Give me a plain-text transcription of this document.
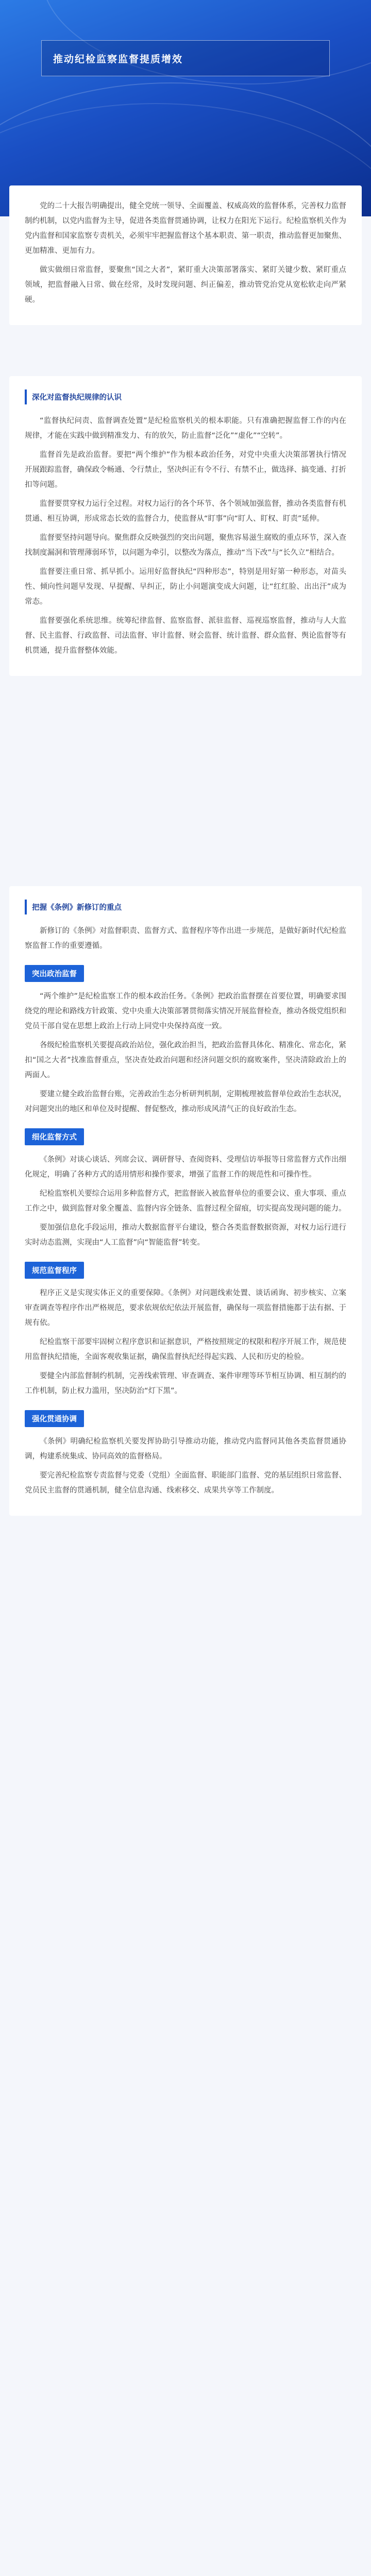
推动纪检监察监督提质增效

党的二十大报告明确提出，健全党统一领导、全面覆盖、权威高效的监督体系，完善权力监督制约机制，以党内监督为主导，促进各类监督贯通协调，让权力在阳光下运行。纪检监察机关作为党内监督和国家监察专责机关，必须牢牢把握监督这个基本职责、第一职责，推动监督更加聚焦、更加精准、更加有力。

做实做细日常监督，要聚焦“国之大者”，紧盯重大决策部署落实、紧盯关键少数、紧盯重点领域，把监督融入日常、做在经常，及时发现问题、纠正偏差，推动管党治党从宽松软走向严紧硬。

深化对监督执纪规律的认识

“监督执纪问责、监督调查处置”是纪检监察机关的根本职能。只有准确把握监督工作的内在规律，才能在实践中做到精准发力、有的放矢，防止监督“泛化”“虚化”“空转”。

监督首先是政治监督。要把“两个维护”作为根本政治任务，对党中央重大决策部署执行情况开展跟踪监督，确保政令畅通、令行禁止，坚决纠正有令不行、有禁不止，做选择、搞变通、打折扣等问题。

监督要贯穿权力运行全过程。对权力运行的各个环节、各个领域加强监督，推动各类监督有机贯通、相互协调，形成常态长效的监督合力，使监督从“盯事”向“盯人、盯权、盯责”延伸。

监督要坚持问题导向。聚焦群众反映强烈的突出问题，聚焦容易滋生腐败的重点环节，深入查找制度漏洞和管理薄弱环节，以问题为牵引，以整改为落点，推动“当下改”与“长久立”相结合。

监督要注重日常、抓早抓小。运用好监督执纪“四种形态”，特别是用好第一种形态，对苗头性、倾向性问题早发现、早提醒、早纠正，防止小问题演变成大问题，让“红红脸、出出汗”成为常态。

监督要强化系统思维。统筹纪律监督、监察监督、派驻监督、巡视巡察监督，推动与人大监督、民主监督、行政监督、司法监督、审计监督、财会监督、统计监督、群众监督、舆论监督等有机贯通，提升监督整体效能。

把握《条例》新修订的重点

新修订的《条例》对监督职责、监督方式、监督程序等作出进一步规范，是做好新时代纪检监察监督工作的重要遵循。

突出政治监督

“两个维护”是纪检监察工作的根本政治任务。《条例》把政治监督摆在首要位置，明确要求围绕党的理论和路线方针政策、党中央重大决策部署贯彻落实情况开展监督检查，推动各级党组织和党员干部自觉在思想上政治上行动上同党中央保持高度一致。

各级纪检监察机关要提高政治站位，强化政治担当，把政治监督具体化、精准化、常态化，紧扣“国之大者”找准监督重点，坚决查处政治问题和经济问题交织的腐败案件，坚决清除政治上的两面人。

要建立健全政治监督台账，完善政治生态分析研判机制，定期梳理被监督单位政治生态状况，对问题突出的地区和单位及时提醒、督促整改，推动形成风清气正的良好政治生态。

细化监督方式

《条例》对谈心谈话、列席会议、调研督导、查阅资料、受理信访举报等日常监督方式作出细化规定，明确了各种方式的适用情形和操作要求，增强了监督工作的规范性和可操作性。

纪检监察机关要综合运用多种监督方式，把监督嵌入被监督单位的重要会议、重大事项、重点工作之中，做到监督对象全覆盖、监督内容全链条、监督过程全留痕，切实提高发现问题的能力。

要加强信息化手段运用，推动大数据监督平台建设，整合各类监督数据资源，对权力运行进行实时动态监测，实现由“人工监督”向“智能监督”转变。

规范监督程序

程序正义是实现实体正义的重要保障。《条例》对问题线索处置、谈话函询、初步核实、立案审查调查等程序作出严格规范，要求依规依纪依法开展监督，确保每一项监督措施都于法有据、于规有依。

纪检监察干部要牢固树立程序意识和证据意识，严格按照规定的权限和程序开展工作，规范使用监督执纪措施，全面客观收集证据，确保监督执纪经得起实践、人民和历史的检验。

要健全内部监督制约机制，完善线索管理、审查调查、案件审理等环节相互协调、相互制约的工作机制，防止权力滥用，坚决防治“灯下黑”。

强化贯通协调

《条例》明确纪检监察机关要发挥协助引导推动功能，推动党内监督同其他各类监督贯通协调，构建系统集成、协同高效的监督格局。

要完善纪检监察专责监督与党委（党组）全面监督、职能部门监督、党的基层组织日常监督、党员民主监督的贯通机制，健全信息沟通、线索移交、成果共享等工作制度。
